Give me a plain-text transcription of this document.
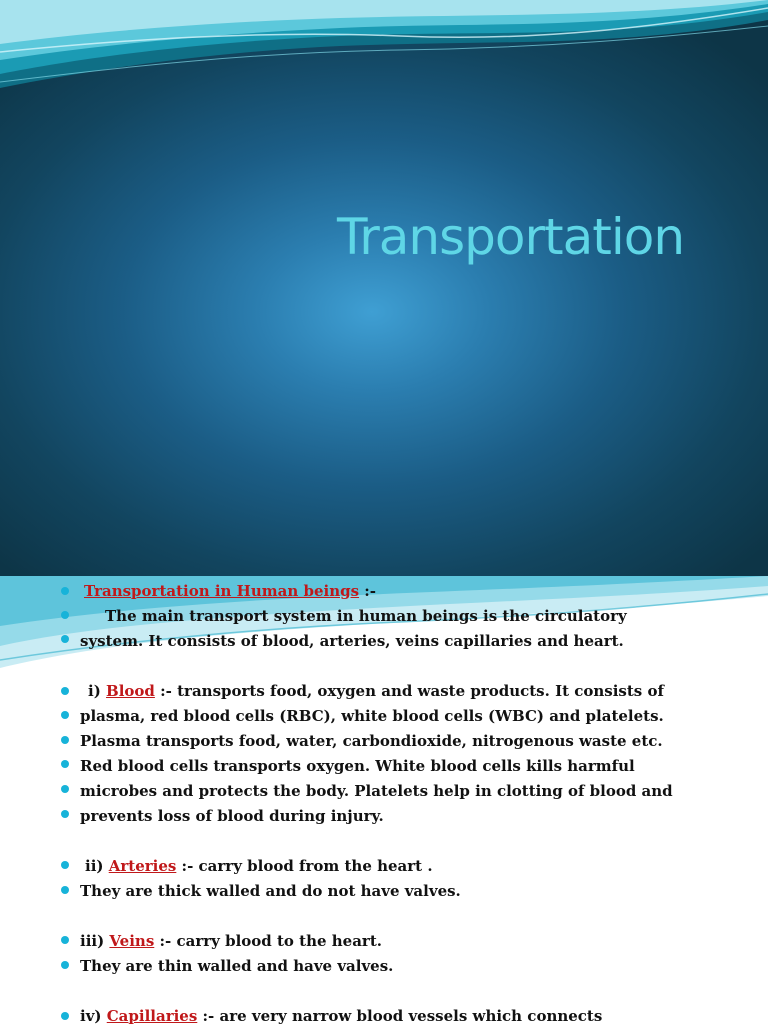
Transportation
Transportation in Human beings :-
The main transport system in human beings is the circulatory
system. It consists of blood, arteries, veins capillaries and heart.
i) Blood :- transports food, oxygen and waste products. It consists of
plasma, red blood cells (RBC), white blood cells (WBC) and platelets.
Plasma transports food, water, carbondioxide, nitrogenous waste etc.
Red blood cells transports oxygen. White blood cells kills harmful
microbes and protects the body. Platelets help in clotting of blood and
prevents loss of blood during injury.
ii) Arteries :- carry blood from the heart .
They are thick walled and do not have valves.
iii) Veins :- carry blood to the heart.
They are thin walled and have valves.
iv) Capillaries :- are very narrow blood vessels which connects
